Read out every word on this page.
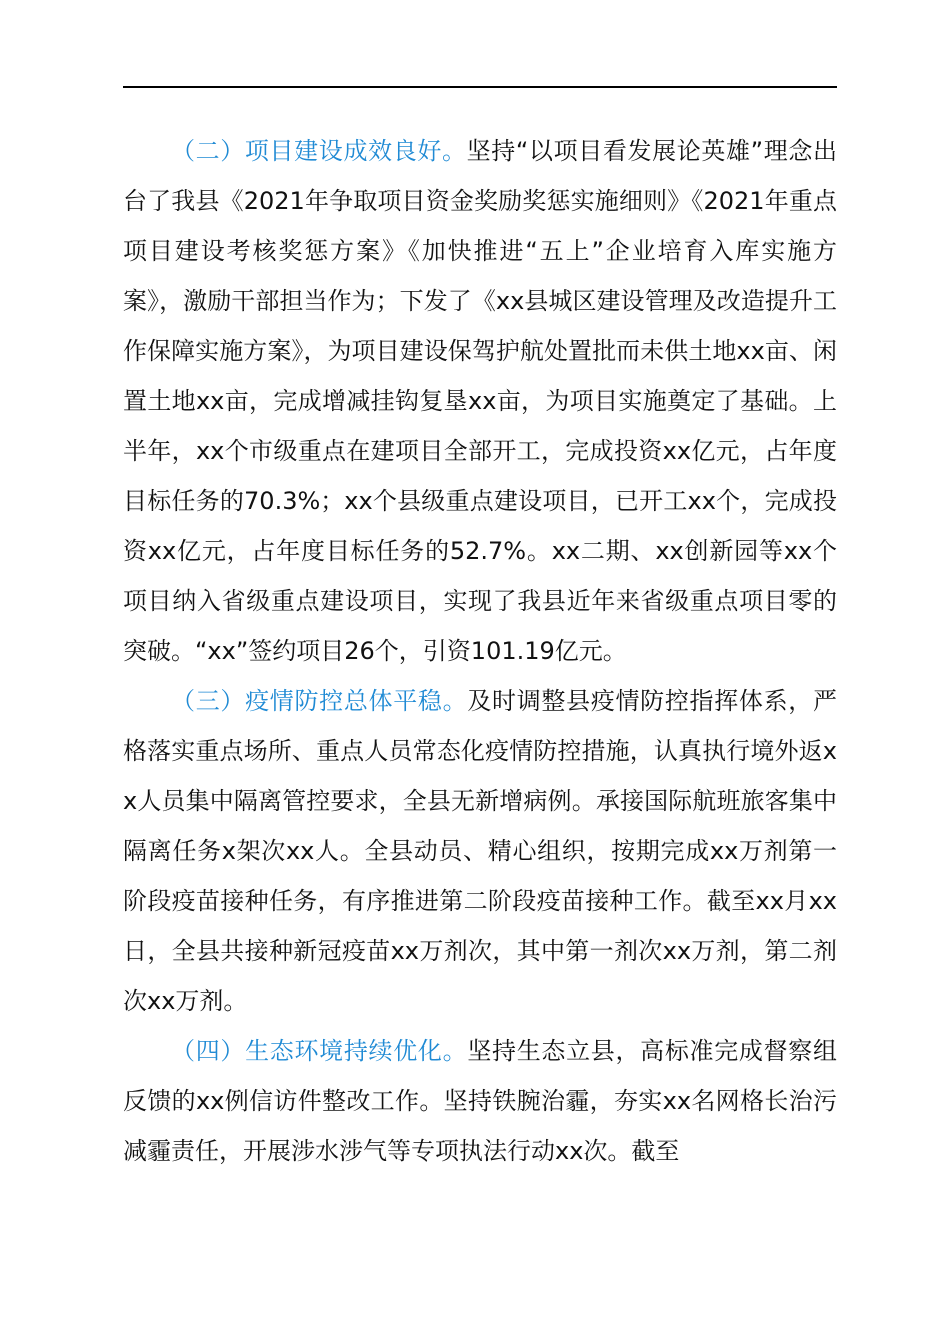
（二）项目建设成效良好。坚持“以项目看发展论英雄”理念出台了我县《2021年争取项目资金奖励奖惩实施细则》《2021年重点项目建设考核奖惩方案》《加快推进“五上”企业培育入库实施方案》，激励干部担当作为；下发了《xx县城区建设管理及改造提升工作保障实施方案》，为项目建设保驾护航处置批而未供土地xx亩、闲置土地xx亩，完成增减挂钩复垦xx亩，为项目实施奠定了基础。上半年，xx个市级重点在建项目全部开工，完成投资xx亿元，占年度目标任务的70.3%；xx个县级重点建设项目，已开工xx个，完成投资xx亿元，占年度目标任务的52.7%。xx二期、xx创新园等xx个项目纳入省级重点建设项目，实现了我县近年来省级重点项目零的突破。“xx”签约项目26个，引资101.19亿元。

（三）疫情防控总体平稳。及时调整县疫情防控指挥体系，严格落实重点场所、重点人员常态化疫情防控措施，认真执行境外返xx人员集中隔离管控要求，全县无新增病例。承接国际航班旅客集中隔离任务x架次xx人。全县动员、精心组织，按期完成xx万剂第一阶段疫苗接种任务，有序推进第二阶段疫苗接种工作。截至xx月xx日，全县共接种新冠疫苗xx万剂次，其中第一剂次xx万剂，第二剂次xx万剂。

（四）生态环境持续优化。坚持生态立县，高标准完成督察组反馈的xx例信访件整改工作。坚持铁腕治霾，夯实xx名网格长治污减霾责任，开展涉水涉气等专项执法行动xx次。截至
